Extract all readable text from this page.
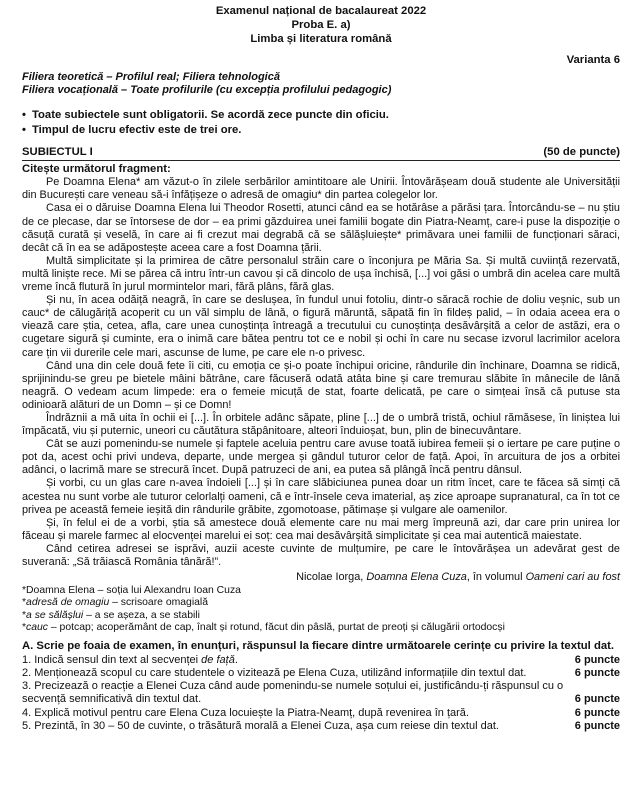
Examenul național de bacalaureat 2022
Proba E. a)
Limba și literatura română
Varianta 6
Filiera teoretică – Profilul real; Filiera tehnologică
Filiera vocațională – Toate profilurile (cu excepția profilului pedagogic)
• Toate subiectele sunt obligatorii. Se acordă zece puncte din oficiu.
• Timpul de lucru efectiv este de trei ore.
SUBIECTUL I	(50 de puncte)
Citește următorul fragment:

Pe Doamna Elena* am văzut-o în zilele serbărilor amintitoare ale Unirii. Întovărășeam două studente ale Universității din București care veneau să-i înfățișeze o adresă de omagiu* din partea colegelor lor.

Casa ei o dăruise Doamna Elena lui Theodor Rosetti, atunci când ea se hotărâse a părăsi țara. Întorcându-se – nu știu de ce plecase, dar se întorsese de dor – ea primi găzduirea unei familii bogate din Piatra-Neamț, care-i puse la dispoziție o căsuță curată și veselă, în care ai fi crezut mai degrabă că se sălășluiește* primăvara unei familii de funcționari săraci, decât că în ea se adăpostește aceea care a fost Doamna țării.

Multă simplicitate și la primirea de către personalul străin care o înconjura pe Măria Sa. Și multă cuviință rezervată, multă liniște rece. Mi se părea că intru într-un cavou și că dincolo de ușa închisă, [...] voi găsi o umbră din acelea care multă vreme încă flutură în jurul mormintelor mari, fără plâns, fără glas.

Și nu, în acea odăiță neagră, în care se deslușea, în fundul unui fotoliu, dintr-o săracă rochie de doliu veșnic, sub un cauc* de călugăriță acoperit cu un văl simplu de lână, o figură măruntă, săpată fin în fildeș palid, – în odaia aceea era o viează care știa, cetea, afla, care unea cunoștința întreagă a trecutului cu cunoștința desăvârșită a celor de astăzi, era o cugetare sigură și cuminte, era o inimă care bătea pentru tot ce e nobil și ochi în care nu secase izvorul lacrimilor acelora care țin vii durerile cele mari, ascunse de lume, pe care ele n-o privesc.

Când una din cele două fete îi citi, cu emoția ce și-o poate închipui oricine, rândurile din închinare, Doamna se ridică, sprijinindu-se greu pe bietele mâini bătrâne, care făcuseră odată atâta bine și care tremurau slăbite în mânecile de lână neagră. O vedeam acum limpede: era o femeie micuță de stat, foarte delicată, pe care o simțeai însă că putuse sta odinioară alături de un Domn – și ce Domn!

Îndrăznii a mă uita în ochii ei [...]. În orbitele adânc săpate, pline [...] de o umbră tristă, ochiul rămăsese, în liniștea lui împăcată, viu și puternic, uneori cu căutătura stăpânitoare, alteori înduioșat, bun, plin de binecuvântare.

Cât se auzi pomenindu-se numele și faptele aceluia pentru care avuse toată iubirea femeii și o iertare pe care puține o pot da, acest ochi privi undeva, departe, unde mergea și gândul tuturor celor de față. Apoi, în arcuitura de jos a orbitei adânci, o lacrimă mare se strecură încet. După patruzeci de ani, ea putea să plângă încă pentru dânsul.

Și vorbi, cu un glas care n-avea îndoieli [...] și în care slăbiciunea punea doar un ritm încet, care te făcea să simți că acestea nu sunt vorbe ale tuturor celorlalți oameni, că e într-însele ceva imaterial, aș zice aproape supranatural, ca în tot ce privea pe această femeie ieșită din rândurile grăbite, zgomotoase, pătimașe și vulgare ale oamenilor.

Și, în felul ei de a vorbi, știa să amestece două elemente care nu mai merg împreună azi, dar care prin unirea lor făceau și marele farmec al elocvenței marelui ei soț: cea mai desăvârșită simplicitate și cea mai autentică maiestate.

Când cetirea adresei se isprăvi, auzii aceste cuvinte de mulțumire, pe care le întovărășea un adevărat gest de suverană: „Să trăiască România tânără!”.

Nicolae Iorga, Doamna Elena Cuza, în volumul Oameni cari au fost
*Doamna Elena – soția lui Alexandru Ioan Cuza
*adresă de omagiu – scrisoare omagială
*a se sălășlui – a se așeza, a se stabili
*cauc – potcap; acoperământ de cap, înalt și rotund, făcut din pâslă, purtat de preoți și călugării ortodocși
A. Scrie pe foaia de examen, în enunțuri, răspunsul la fiecare dintre următoarele cerințe cu privire la textul dat.
1. Indică sensul din text al secvenței de față.	6 puncte
2. Menționează scopul cu care studentele o vizitează pe Elena Cuza, utilizând informațiile din textul dat.	6 puncte
3. Precizează o reacție a Elenei Cuza când aude pomenindu-se numele soțului ei, justificându-ți răspunsul cu o secvență semnificativă din textul dat.	6 puncte
4. Explică motivul pentru care Elena Cuza locuiește la Piatra-Neamț, după revenirea în țară.	6 puncte
5. Prezintă, în 30 – 50 de cuvinte, o trăsătură morală a Elenei Cuza, așa cum reiese din textul dat.	6 puncte
